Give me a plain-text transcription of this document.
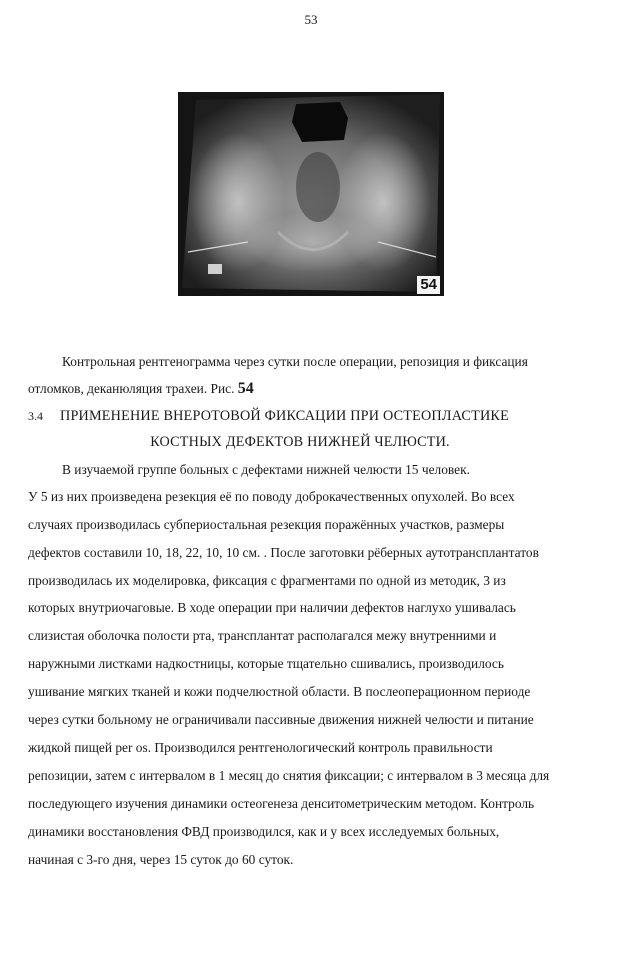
53
54
Контрольная рентгенограмма через сутки после операции, репозиция и фиксация
отломков, деканюляция трахеи. Рис. 54
3.4 ПРИМЕНЕНИЕ ВНЕРОТОВОЙ ФИКСАЦИИ ПРИ ОСТЕОПЛАСТИКЕ
КОСТНЫХ ДЕФЕКТОВ НИЖНЕЙ ЧЕЛЮСТИ.
В изучаемой группе больных с дефектами нижней челюсти 15 человек.
У 5 из них произведена резекция её по поводу доброкачественных опухолей. Во всех
случаях производилась субпериостальная резекция поражённых участков, размеры
дефектов составили 10, 18, 22, 10, 10 см. . После заготовки рёберных аутотрансплантатов
производилась их моделировка, фиксация с фрагментами по одной из методик, 3 из
которых внутриочаговые. В ходе операции при наличии дефектов наглухо ушивалась
слизистая оболочка полости рта, трансплантат располагался межу внутренними и
наружными листками надкостницы, которые тщательно сшивались, производилось
ушивание мягких тканей и кожи подчелюстной области. В послеоперационном периоде
через сутки больному не ограничивали пассивные движения нижней челюсти и питание
жидкой пищей per os. Производился рентгенологический контроль правильности
репозиции, затем с интервалом в 1 месяц до снятия фиксации; с интервалом в 3 месяца для
последующего изучения динамики остеогенеза денситометрическим методом. Контроль
динамики восстановления ФВД производился, как и у всех исследуемых больных,
начиная с 3-го дня, через 15 суток до 60 суток.
